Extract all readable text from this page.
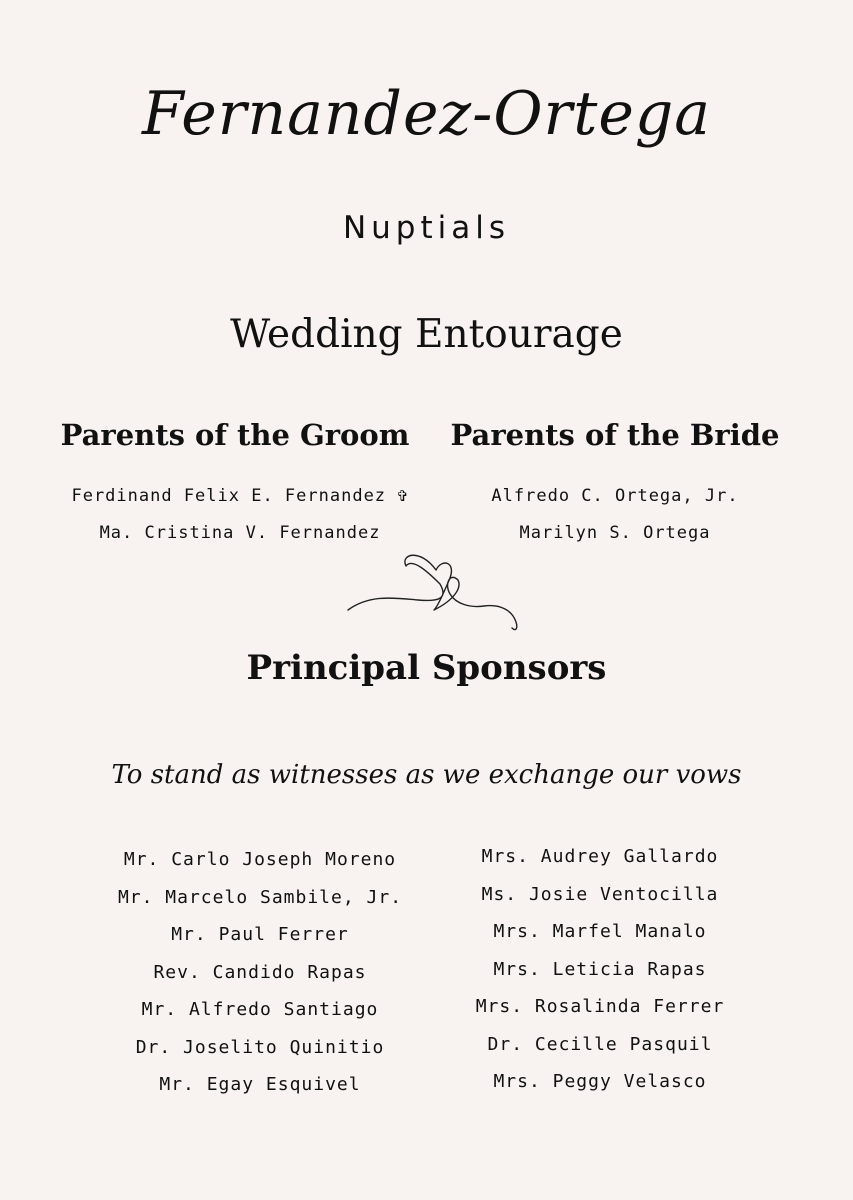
Fernandez-Ortega
Nuptials
Wedding Entourage
Parents of the Groom	Parents of the Bride
Ferdinand Felix E. Fernandez ✞
Ma. Cristina V. Fernandez
Alfredo C. Ortega, Jr.
Marilyn S. Ortega
Principal Sponsors
To stand as witnesses as we exchange our vows
Mr. Carlo Joseph Moreno
Mr. Marcelo Sambile, Jr.
Mr. Paul Ferrer
Rev. Candido Rapas
Mr. Alfredo Santiago
Dr. Joselito Quinitio
Mr. Egay Esquivel
Mrs. Audrey Gallardo
Ms. Josie Ventocilla
Mrs. Marfel Manalo
Mrs. Leticia Rapas
Mrs. Rosalinda Ferrer
Dr. Cecille Pasquil
Mrs. Peggy Velasco
